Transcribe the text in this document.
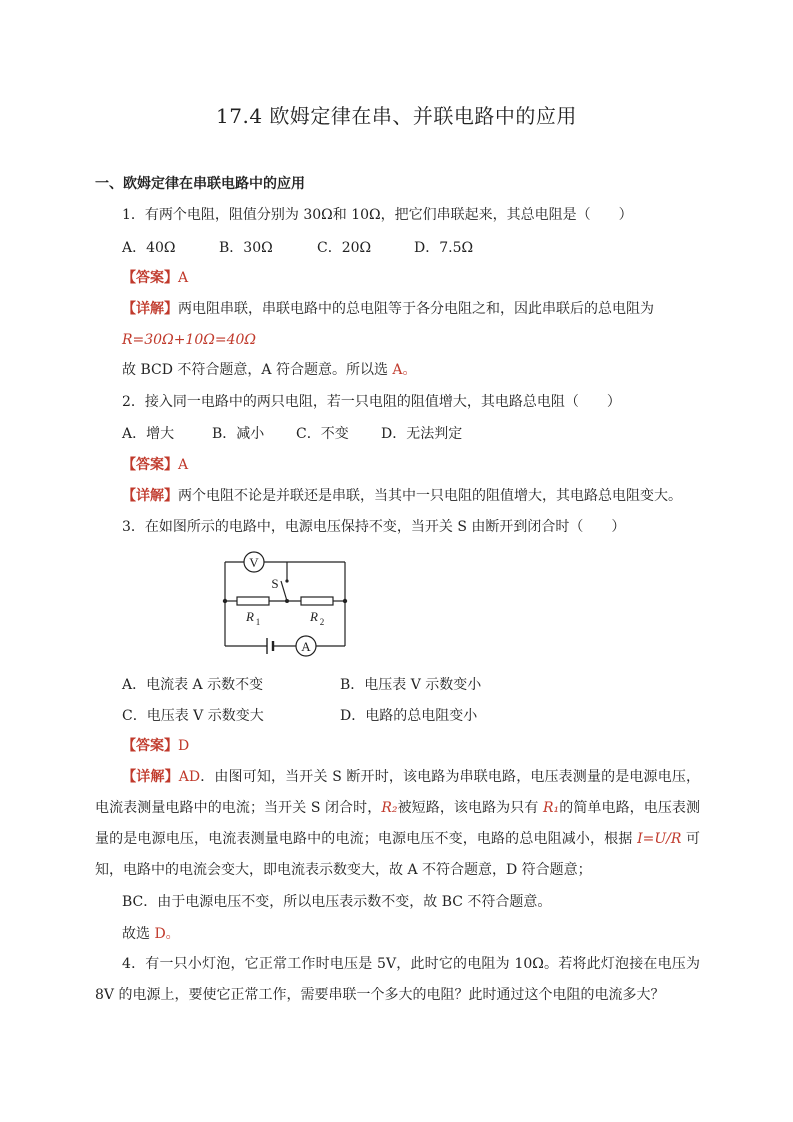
17.4 欧姆定律在串、并联电路中的应用
一、欧姆定律在串联电路中的应用
1．有两个电阻，阻值分别为 30Ω和 10Ω，把它们串联起来，其总电阻是（　　）
A．40Ω	B．30Ω	C．20Ω	D．7.5Ω
【答案】A
【详解】两电阻串联，串联电路中的总电阻等于各分电阻之和，因此串联后的总电阻为
R=30Ω+10Ω=40Ω
故 BCD 不符合题意，A 符合题意。所以选 A。
2．接入同一电路中的两只电阻，若一只电阻的阻值增大，其电路总电阻（　　）
A．增大	B．减小 C．不变 D．无法判定
【答案】A
【详解】两个电阻不论是并联还是串联，当其中一只电阻的阻值增大，其电路总电阻变大。
3．在如图所示的电路中，电源电压保持不变，当开关 S 由断开到闭合时（　　）
V
A
S
R 1	R 2
A．电流表 A 示数不变	B．电压表 V 示数变小
C．电压表 V 示数变大	D．电路的总电阻变小
【答案】D
【详解】AD．由图可知，当开关 S 断开时，该电路为串联电路，电压表测量的是电源电压，电流表测量电路中的电流；当开关 S 闭合时，R₂被短路，该电路为只有 R₁的简单电路，电压表测量的是电源电压，电流表测量电路中的电流；电源电压不变，电路的总电阻减小，根据 I=U/R 可知，电路中的电流会变大，即电流表示数变大，故 A 不符合题意，D 符合题意；
BC．由于电源电压不变，所以电压表示数不变，故 BC 不符合题意。
故选 D。
4．有一只小灯泡，它正常工作时电压是 5V，此时它的电阻为 10Ω。若将此灯泡接在电压为 8V 的电源上，要使它正常工作，需要串联一个多大的电阻？此时通过这个电阻的电流多大？
